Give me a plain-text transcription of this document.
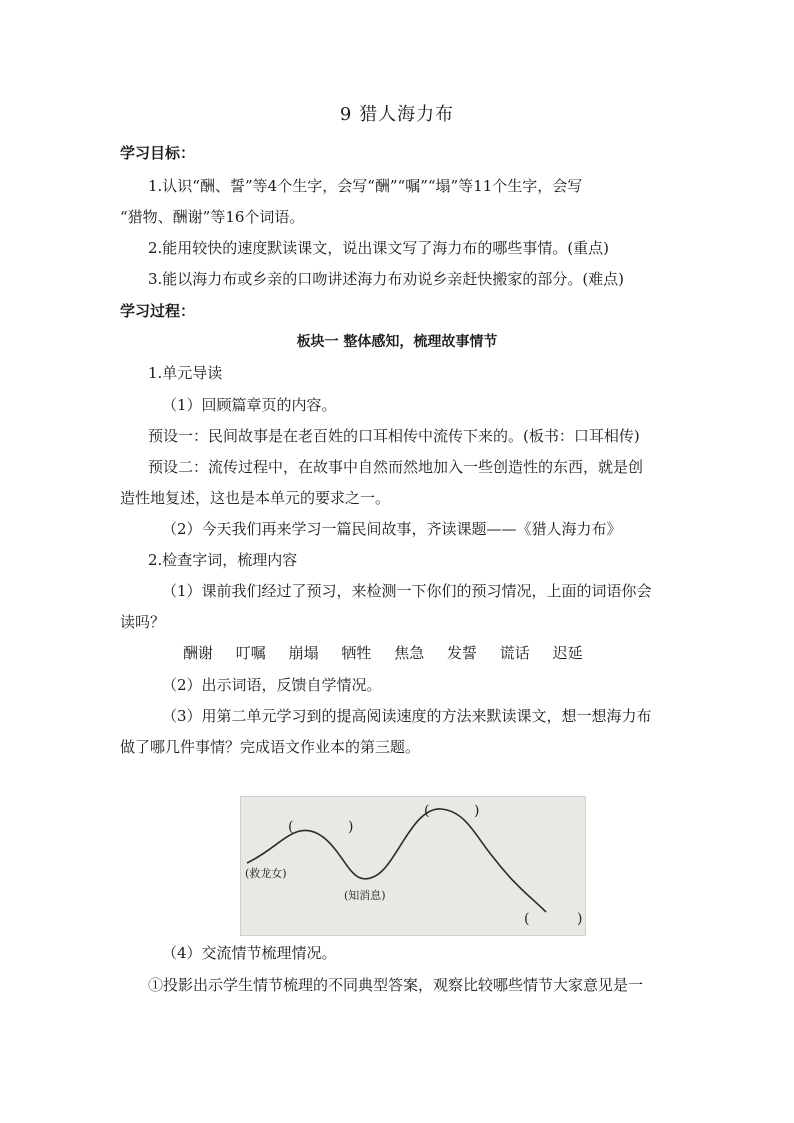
9 猎人海力布
学习目标：
1.认识“酬、誓”等4个生字，会写“酬”“嘱”“塌”等11个生字，会写
“猎物、酬谢”等16个词语。
2.能用较快的速度默读课文，说出课文写了海力布的哪些事情。(重点)
3.能以海力布或乡亲的口吻讲述海力布劝说乡亲赶快搬家的部分。(难点)
学习过程：
板块一 整体感知，梳理故事情节
1.单元导读
（1）回顾篇章页的内容。
预设一：民间故事是在老百姓的口耳相传中流传下来的。(板书：口耳相传)
预设二：流传过程中，在故事中自然而然地加入一些创造性的东西，就是创
造性地复述，这也是本单元的要求之一。
（2）今天我们再来学习一篇民间故事，齐读课题——《猎人海力布》
2.检查字词，梳理内容
（1）课前我们经过了预习，来检测一下你们的预习情况，上面的词语你会
读吗？
酬谢 叮嘱 崩塌 牺牲 焦急 发誓 谎话 迟延
（2）出示词语，反馈自学情况。
（3）用第二单元学习到的提高阅读速度的方法来默读课文，想一想海力布
做了哪几件事情？完成语文作业本的第三题。
(救龙女)
(知消息)
(	)
(	)
(	)
（4）交流情节梳理情况。
①投影出示学生情节梳理的不同典型答案，观察比较哪些情节大家意见是一
